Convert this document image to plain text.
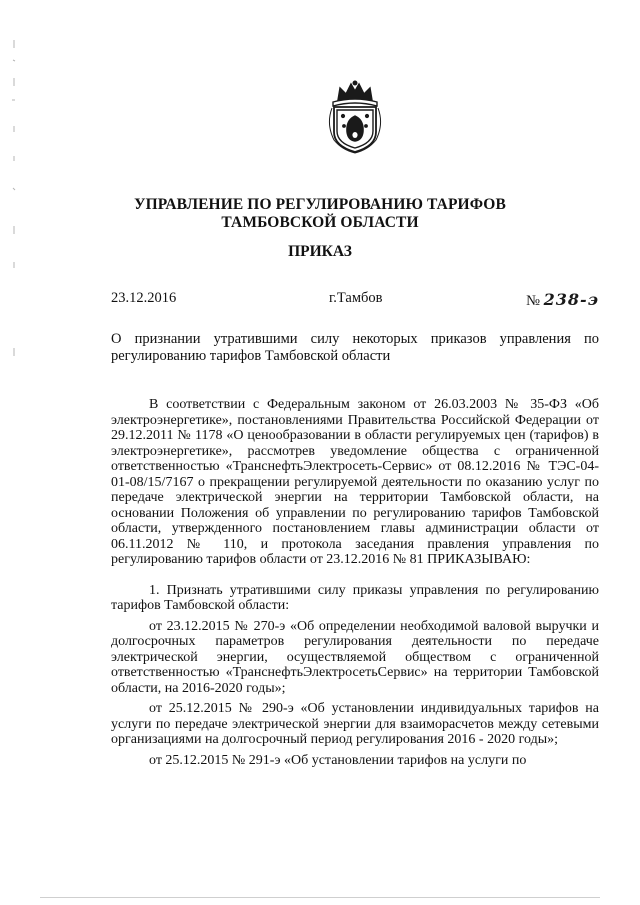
УПРАВЛЕНИЕ ПО РЕГУЛИРОВАНИЮ ТАРИФОВ
ТАМБОВСКОЙ ОБЛАСТИ
ПРИКАЗ
23.12.2016	г.Тамбов	№ 238-э
О признании утратившими силу некоторых приказов управления по регулированию тарифов Тамбовской области

В соответствии с Федеральным законом от 26.03.2003 № 35-ФЗ «Об электроэнергетике», постановлениями Правительства Российской Федерации от 29.12.2011 № 1178 «О ценообразовании в области регулируемых цен (тарифов) в электроэнергетике», рассмотрев уведомление общества с ограниченной ответственностью «ТранснефтьЭлектросеть-Сервис» от 08.12.2016 № ТЭС-04-01-08/15/7167 о прекращении регулируемой деятельности по оказанию услуг по передаче электрической энергии на территории Тамбовской области, на основании Положения об управлении по регулированию тарифов Тамбовской области, утвержденного постановлением главы администрации области от 06.11.2012 № 110, и протокола заседания правления управления по регулированию тарифов области от 23.12.2016 № 81 ПРИКАЗЫВАЮ:

1. Признать утратившими силу приказы управления по регулированию тарифов Тамбовской области:

от 23.12.2015 № 270-э «Об определении необходимой валовой выручки и долгосрочных параметров регулирования деятельности по передаче электрической энергии, осуществляемой обществом с ограниченной ответственностью «ТранснефтьЭлектросетьСервис» на территории Тамбовской области, на 2016-2020 годы»;

от 25.12.2015 № 290-э «Об установлении индивидуальных тарифов на услуги по передаче электрической энергии для взаиморасчетов между сетевыми организациями на долгосрочный период регулирования 2016 - 2020 годы»;

от 25.12.2015 № 291-э «Об установлении тарифов на услуги по
